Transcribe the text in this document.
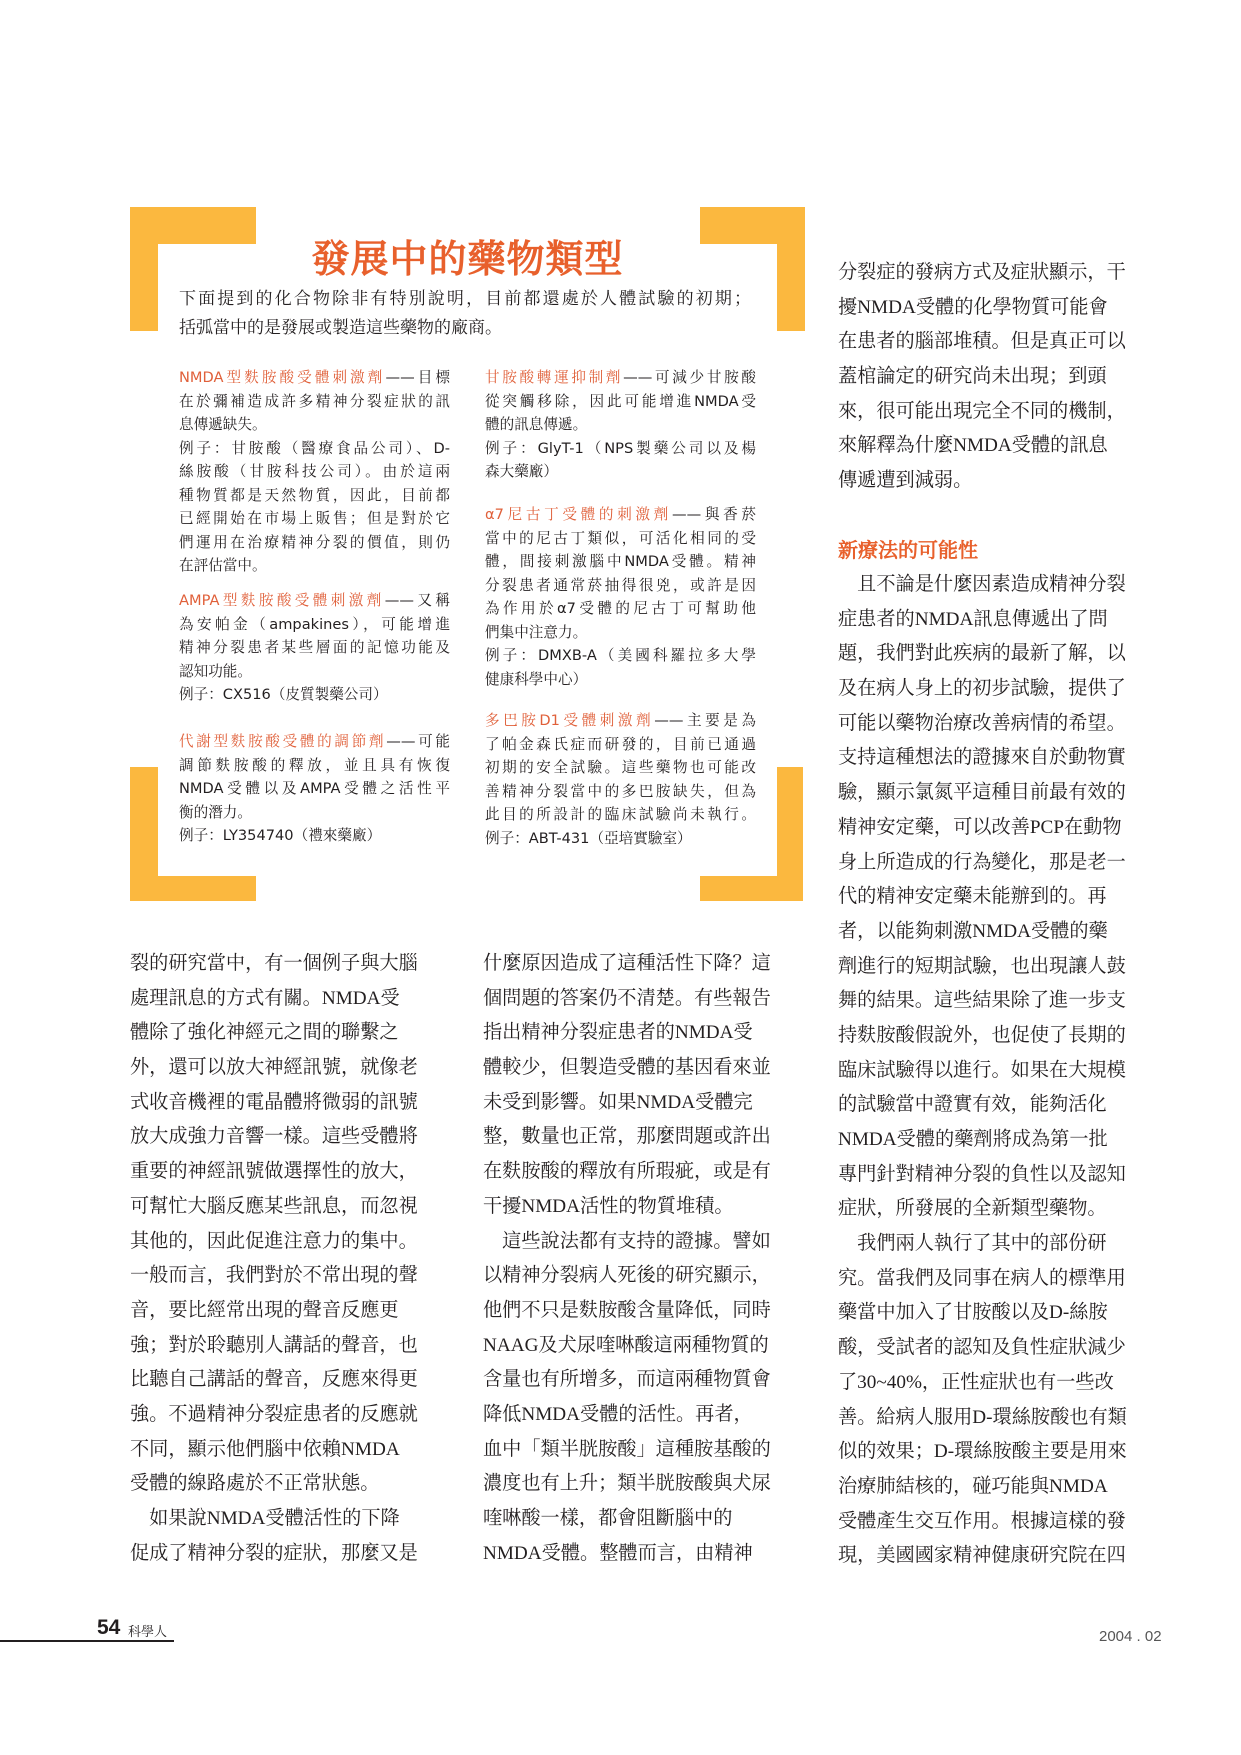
發展中的藥物類型
下面提到的化合物除非有特別說明，目前都還處於人體試驗的初期；
括弧當中的是發展或製造這些藥物的廠商。
NMDA型麩胺酸受體刺激劑——目標
在於彌補造成許多精神分裂症狀的訊
息傳遞缺失。
例子：甘胺酸（醫療食品公司）、D-
絲胺酸（甘胺科技公司）。由於這兩
種物質都是天然物質，因此，目前都
已經開始在市場上販售；但是對於它
們運用在治療精神分裂的價值，則仍
在評估當中。
AMPA型麩胺酸受體刺激劑——又稱
為安帕金（ampakines），可能增進
精神分裂患者某些層面的記憶功能及
認知功能。
例子：CX516（皮質製藥公司）
代謝型麩胺酸受體的調節劑——可能
調節麩胺酸的釋放，並且具有恢復
NMDA受體以及AMPA受體之活性平
衡的潛力。
例子：LY354740（禮來藥廠）
甘胺酸轉運抑制劑——可減少甘胺酸
從突觸移除，因此可能增進NMDA受
體的訊息傳遞。
例子：GlyT-1（NPS製藥公司以及楊
森大藥廠）
α7尼古丁受體的刺激劑——與香菸
當中的尼古丁類似，可活化相同的受
體，間接刺激腦中NMDA受體。精神
分裂患者通常菸抽得很兇，或許是因
為作用於α7受體的尼古丁可幫助他
們集中注意力。
例子：DMXB-A（美國科羅拉多大學
健康科學中心）
多巴胺D1受體刺激劑——主要是為
了帕金森氏症而研發的，目前已通過
初期的安全試驗。這些藥物也可能改
善精神分裂當中的多巴胺缺失，但為
此目的所設計的臨床試驗尚未執行。
例子：ABT-431（亞培實驗室）
分裂症的發病方式及症狀顯示，干
擾NMDA受體的化學物質可能會
在患者的腦部堆積。但是真正可以
蓋棺論定的研究尚未出現；到頭
來，很可能出現完全不同的機制，
來解釋為什麼NMDA受體的訊息
傳遞遭到減弱。
新療法的可能性
　且不論是什麼因素造成精神分裂
症患者的NMDA訊息傳遞出了問
題，我們對此疾病的最新了解，以
及在病人身上的初步試驗，提供了
可能以藥物治療改善病情的希望。
支持這種想法的證據來自於動物實
驗，顯示氯氮平這種目前最有效的
精神安定藥，可以改善PCP在動物
身上所造成的行為變化，那是老一
代的精神安定藥未能辦到的。再
者，以能夠刺激NMDA受體的藥
劑進行的短期試驗，也出現讓人鼓
舞的結果。這些結果除了進一步支
持麩胺酸假說外，也促使了長期的
臨床試驗得以進行。如果在大規模
的試驗當中證實有效，能夠活化
NMDA受體的藥劑將成為第一批
專門針對精神分裂的負性以及認知
症狀，所發展的全新類型藥物。
　我們兩人執行了其中的部份研
究。當我們及同事在病人的標準用
藥當中加入了甘胺酸以及D-絲胺
酸，受試者的認知及負性症狀減少
了30~40%，正性症狀也有一些改
善。給病人服用D-環絲胺酸也有類
似的效果；D-環絲胺酸主要是用來
治療肺結核的，碰巧能與NMDA
受體產生交互作用。根據這樣的發
現，美國國家精神健康研究院在四
裂的研究當中，有一個例子與大腦
處理訊息的方式有關。NMDA受
體除了強化神經元之間的聯繫之
外，還可以放大神經訊號，就像老
式收音機裡的電晶體將微弱的訊號
放大成強力音響一樣。這些受體將
重要的神經訊號做選擇性的放大，
可幫忙大腦反應某些訊息，而忽視
其他的，因此促進注意力的集中。
一般而言，我們對於不常出現的聲
音，要比經常出現的聲音反應更
強；對於聆聽別人講話的聲音，也
比聽自己講話的聲音，反應來得更
強。不過精神分裂症患者的反應就
不同，顯示他們腦中依賴NMDA
受體的線路處於不正常狀態。
　如果說NMDA受體活性的下降
促成了精神分裂的症狀，那麼又是
什麼原因造成了這種活性下降？這
個問題的答案仍不清楚。有些報告
指出精神分裂症患者的NMDA受
體較少，但製造受體的基因看來並
未受到影響。如果NMDA受體完
整，數量也正常，那麼問題或許出
在麩胺酸的釋放有所瑕疵，或是有
干擾NMDA活性的物質堆積。
　這些說法都有支持的證據。譬如
以精神分裂病人死後的研究顯示，
他們不只是麩胺酸含量降低，同時
NAAG及犬尿喹啉酸這兩種物質的
含量也有所增多，而這兩種物質會
降低NMDA受體的活性。再者，
血中「類半胱胺酸」這種胺基酸的
濃度也有上升；類半胱胺酸與犬尿
喹啉酸一樣，都會阻斷腦中的
NMDA受體。整體而言，由精神
54 科學人	2004 . 02
